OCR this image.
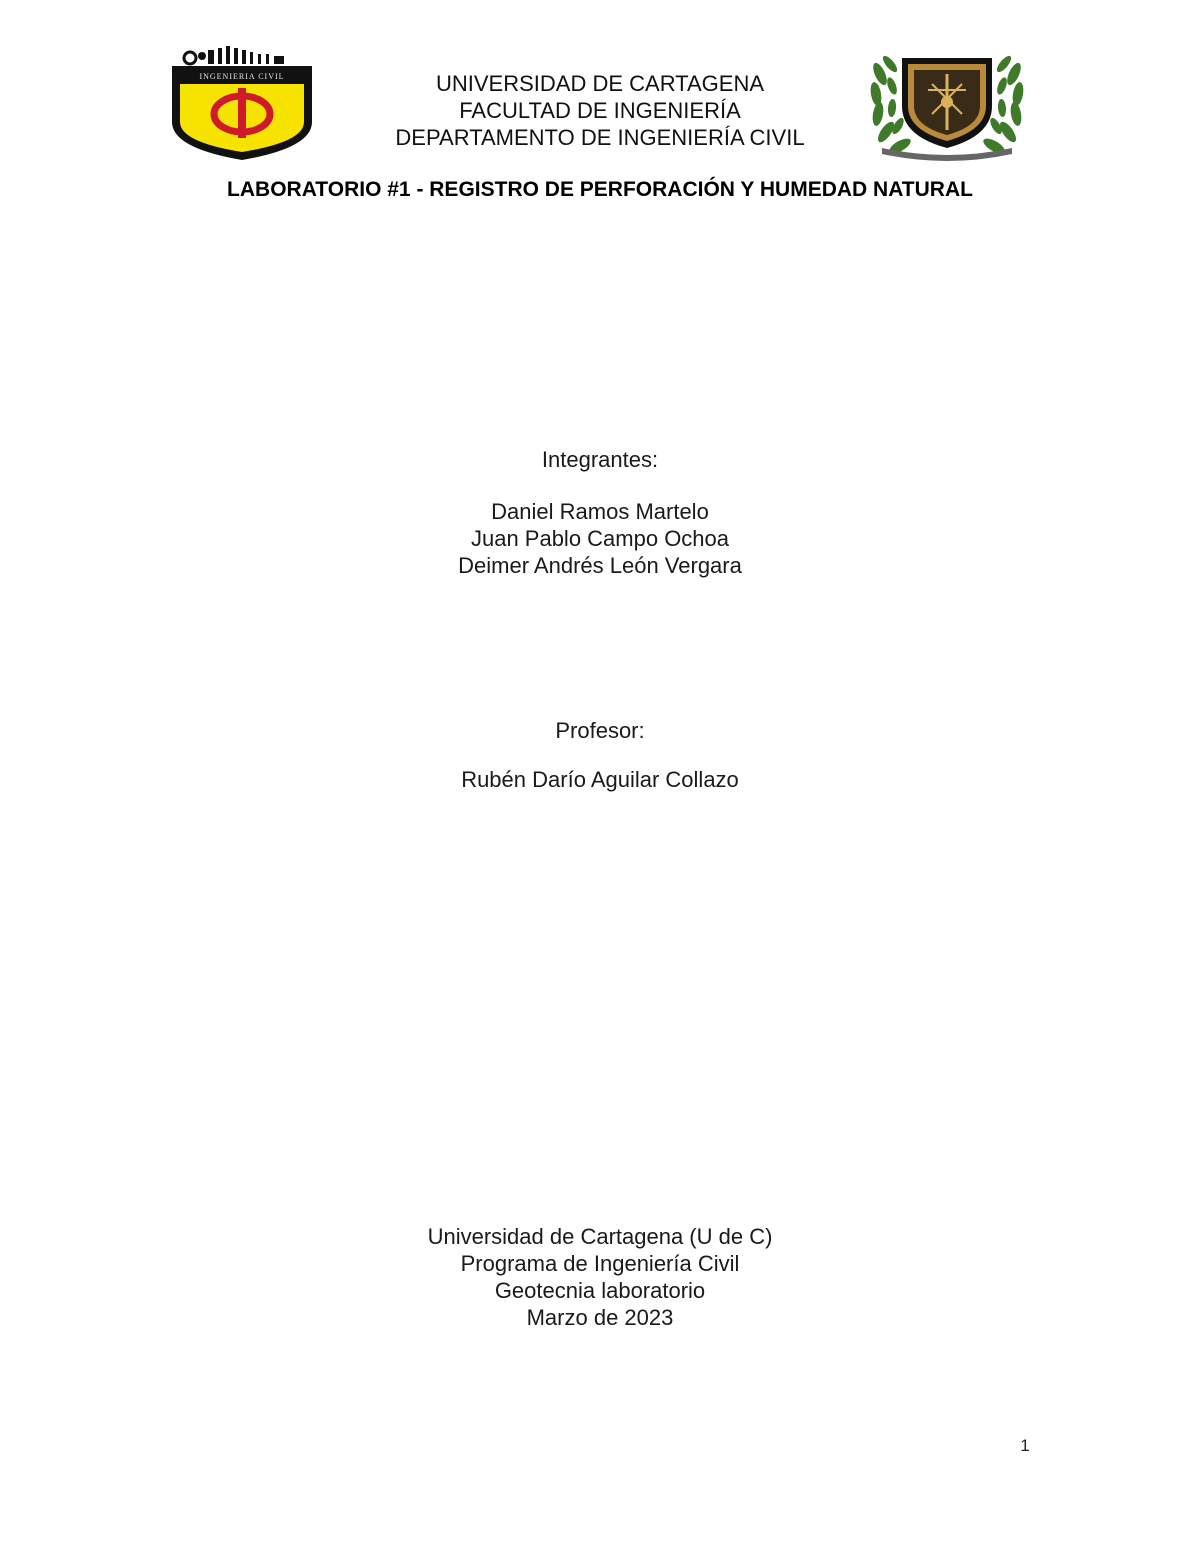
INGENIERIA CIVIL	UNIVERSIDAD DE CARTAGENA
FACULTAD DE INGENIERÍA
DEPARTAMENTO DE INGENIERÍA CIVIL
LABORATORIO #1 - REGISTRO DE PERFORACIÓN Y HUMEDAD NATURAL
Integrantes:
Daniel Ramos Martelo
Juan Pablo Campo Ochoa
Deimer Andrés León Vergara
Profesor:
Rubén Darío Aguilar Collazo
Universidad de Cartagena (U de C)
Programa de Ingeniería Civil
Geotecnia laboratorio
Marzo de 2023
1
